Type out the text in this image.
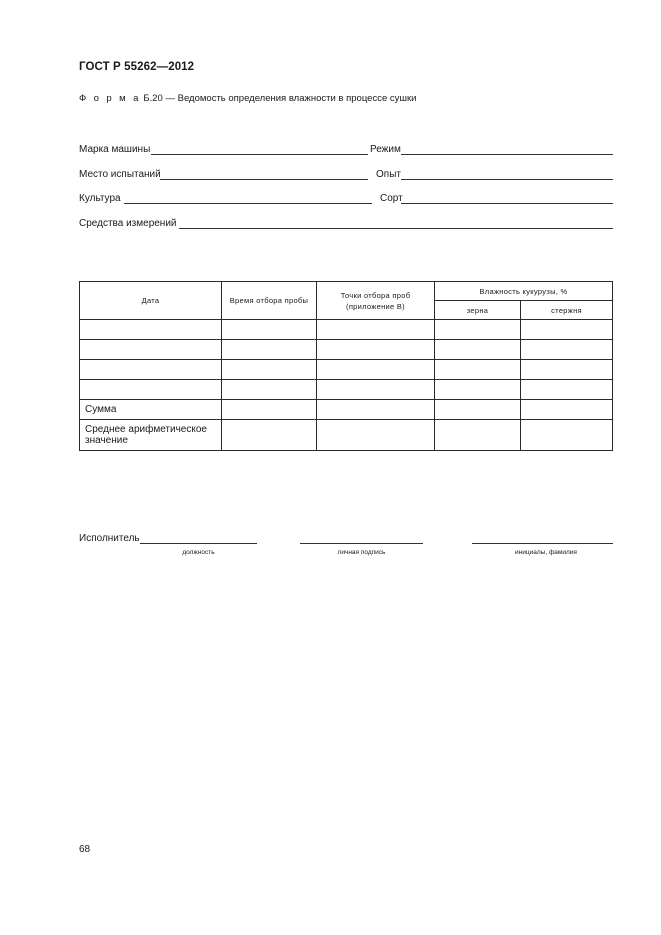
ГОСТ Р 55262—2012
Ф о р м а Б.20 — Ведомость определения влажности в процессе сушки
Марка машины	Режим
Место испытаний	Опыт
Культура	Сорт
Средства измерений
Дата	Время отбора пробы	Точки отбора проб (приложение В)	Влажность кукурузы, %	
			зерна	стержня

Сумма				
Среднее арифметическое значение				
Исполнитель
должность	личная подпись	инициалы, фамилия
68
